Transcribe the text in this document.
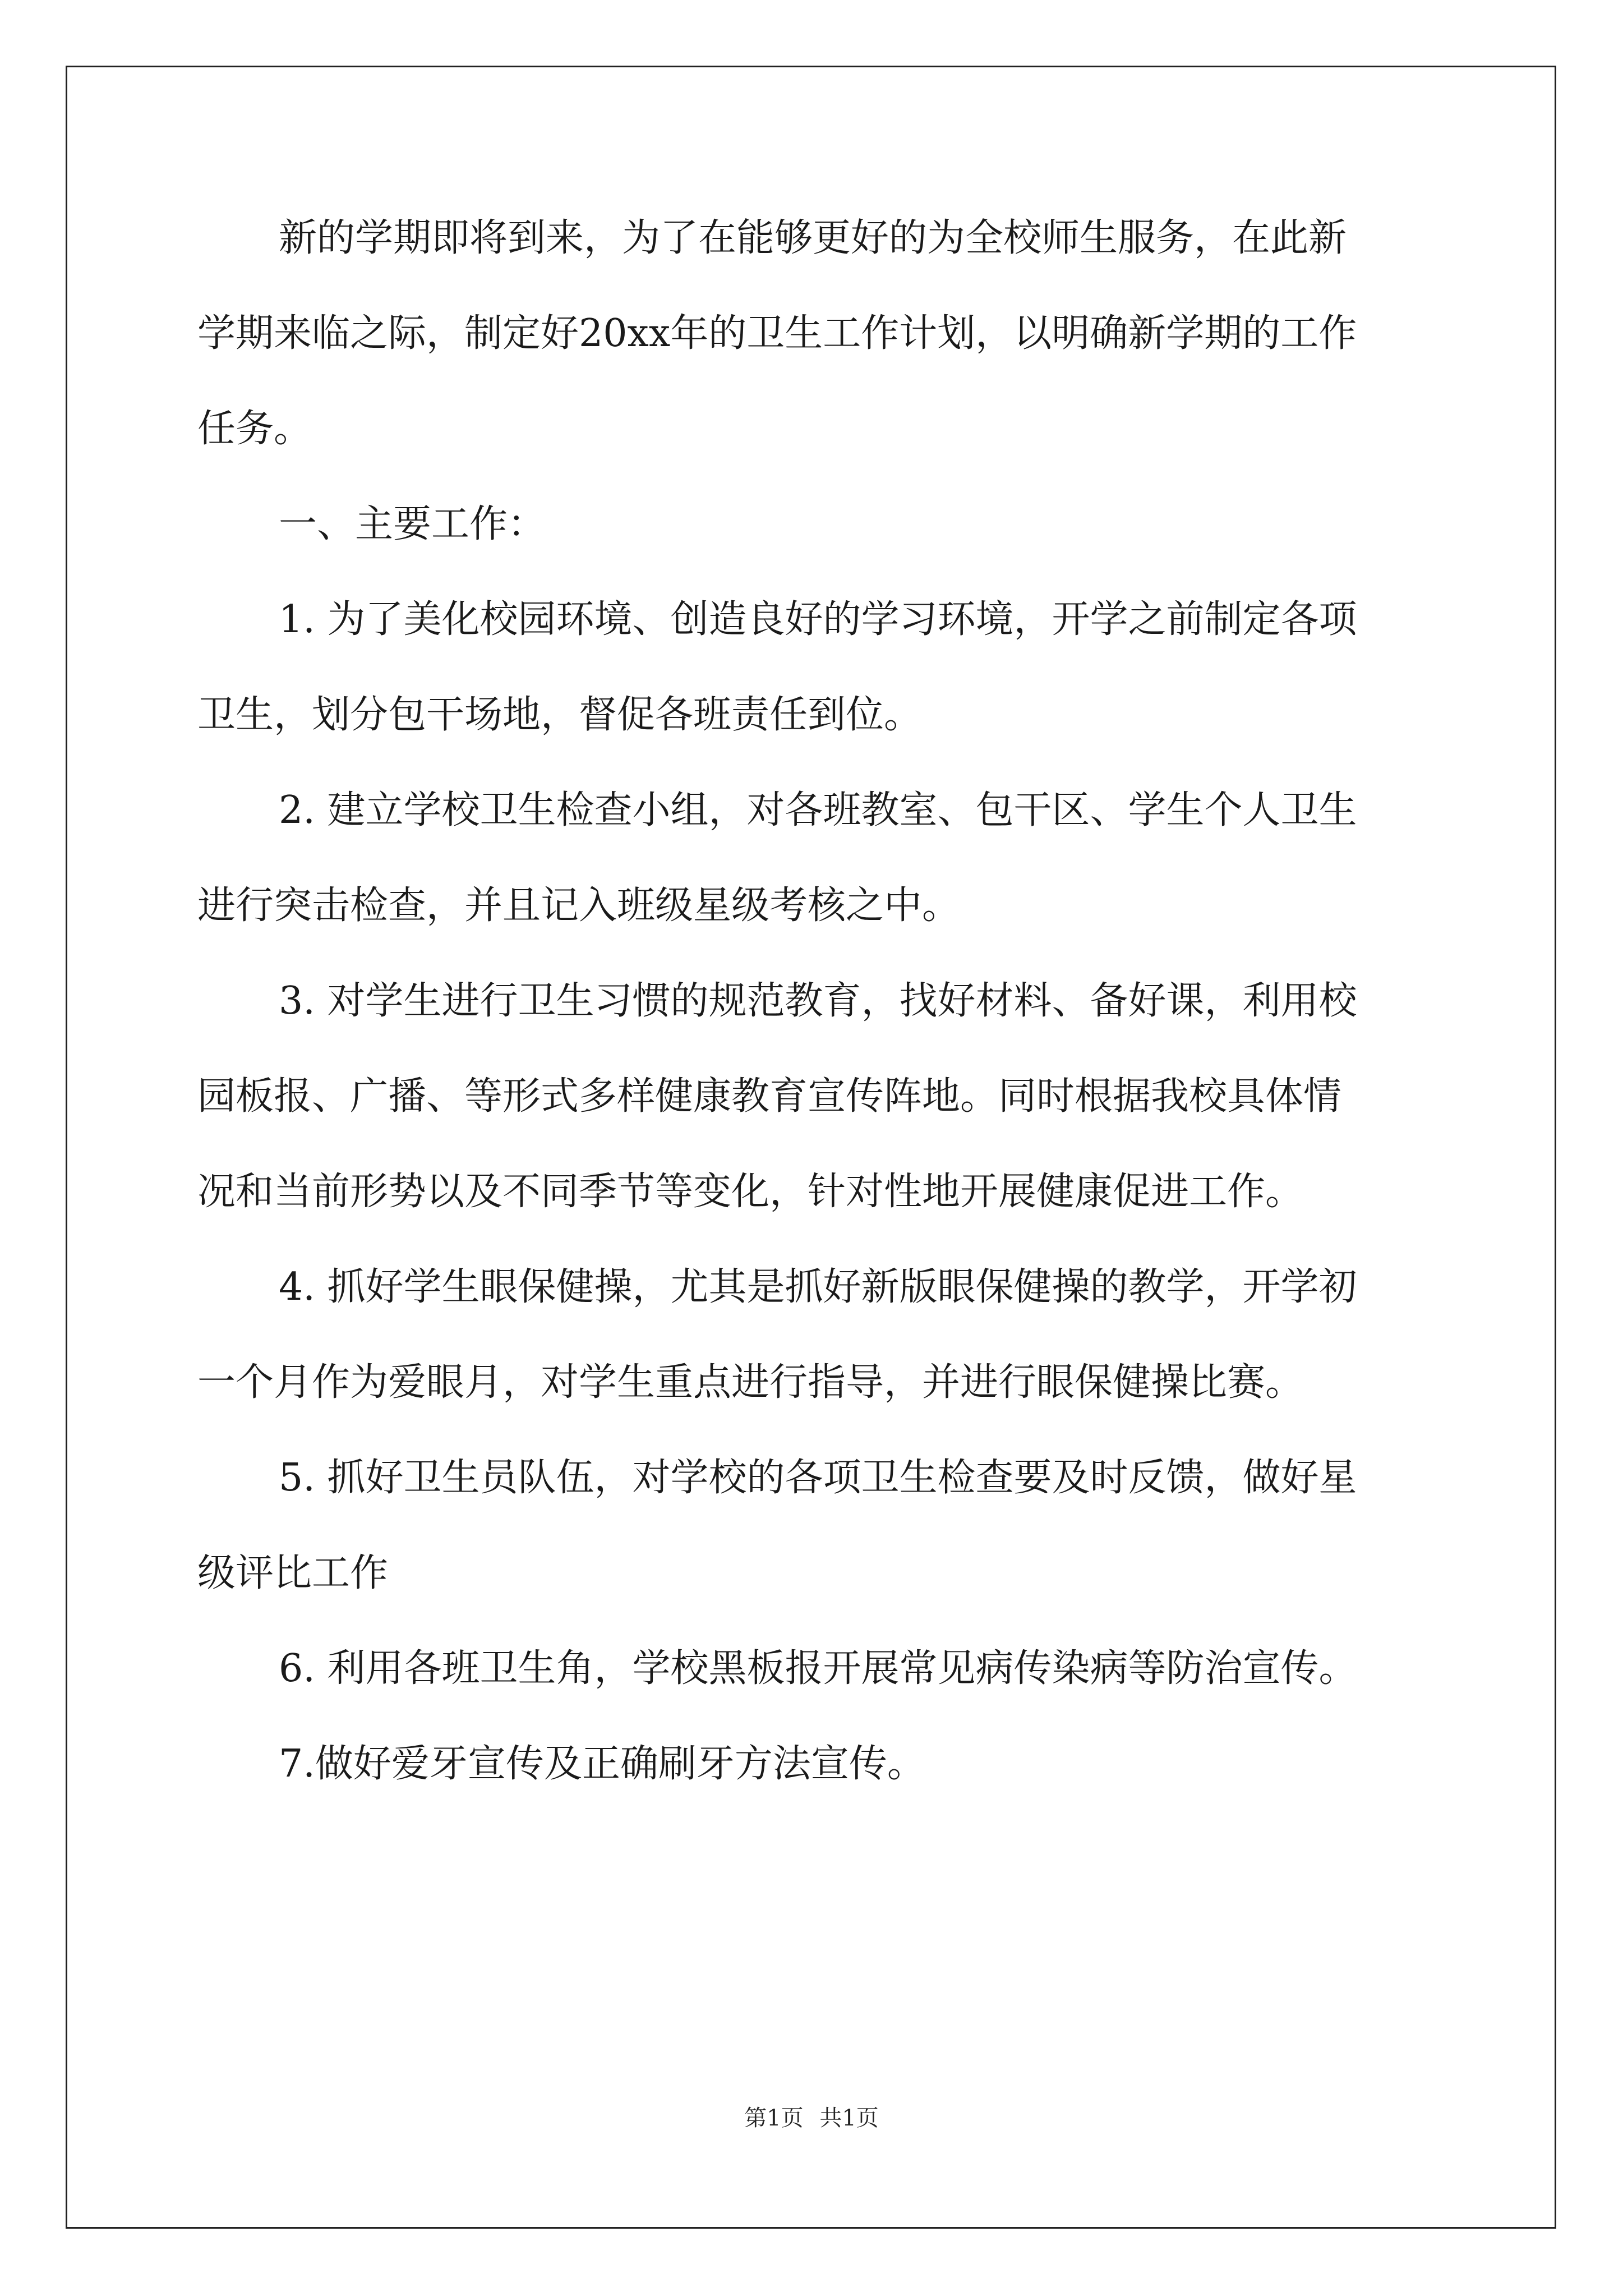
新的学期即将到来，为了在能够更好的为全校师生服务，在此新
学期来临之际，制定好20xx年的卫生工作计划，以明确新学期的工作
任务。
一、主要工作：
1. 为了美化校园环境、创造良好的学习环境，开学之前制定各项
卫生，划分包干场地，督促各班责任到位。
2. 建立学校卫生检查小组，对各班教室、包干区、学生个人卫生
进行突击检查，并且记入班级星级考核之中。
3. 对学生进行卫生习惯的规范教育，找好材料、备好课，利用校
园板报、广播、等形式多样健康教育宣传阵地。同时根据我校具体情
况和当前形势以及不同季节等变化，针对性地开展健康促进工作。
4. 抓好学生眼保健操，尤其是抓好新版眼保健操的教学，开学初
一个月作为爱眼月，对学生重点进行指导，并进行眼保健操比赛。
5. 抓好卫生员队伍，对学校的各项卫生检查要及时反馈，做好星
级评比工作
6. 利用各班卫生角，学校黑板报开展常见病传染病等防治宣传。
7.做好爱牙宣传及正确刷牙方法宣传。
第1页 共1页
